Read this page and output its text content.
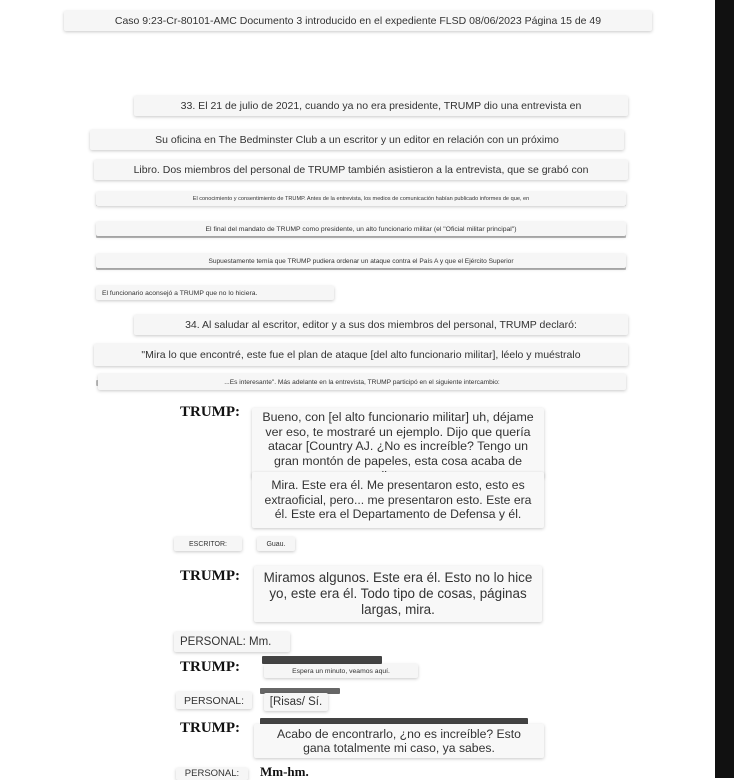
Caso 9:23-Cr-80101-AMC Documento 3 introducido en el expediente FLSD 08/06/2023 Página 15 de 49
33. El 21 de julio de 2021, cuando ya no era presidente, TRUMP dio una entrevista en
Su oficina en The Bedminster Club a un escritor y un editor en relación con un próximo
Libro. Dos miembros del personal de TRUMP también asistieron a la entrevista, que se grabó con
El conocimiento y consentimiento de TRUMP. Antes de la entrevista, los medios de comunicación habían publicado informes de que, en
El final del mandato de TRUMP como presidente, un alto funcionario militar (el "Oficial militar principal")
Supuestamente temía que TRUMP pudiera ordenar un ataque contra el País A y que el Ejército Superior
El funcionario aconsejó a TRUMP que no lo hiciera.
34. Al saludar al escritor, editor y a sus dos miembros del personal, TRUMP declaró:
"Mira lo que encontré, este fue el plan de ataque [del alto funcionario militar], léelo y muéstralo
...Es interesante". Más adelante en la entrevista, TRUMP participó en el siguiente intercambio:
TRUMP:	Bueno, con [el alto funcionario militar] uh, déjame ver eso, te mostraré un ejemplo. Dijo que quería atacar [Country AJ. ¿No es increíble? Tengo un gran montón de papeles, esta cosa acaba de
Mira. Este era él. Me presentaron esto, esto es extraoficial, pero... me presentaron esto. Este era él. Este era el Departamento de Defensa y él.
ESCRITOR:	Guau.
TRUMP:	Miramos algunos. Este era él. Esto no lo hice yo, este era él. Todo tipo de cosas, páginas largas, mira.
PERSONAL: Mm.
TRUMP:	Espera un minuto, veamos aquí.
PERSONAL:	[Risas/ Sí.
TRUMP:	Acabo de encontrarlo, ¿no es increíble? Esto gana totalmente mi caso, ya sabes.
PERSONAL:	Mm-hm.
